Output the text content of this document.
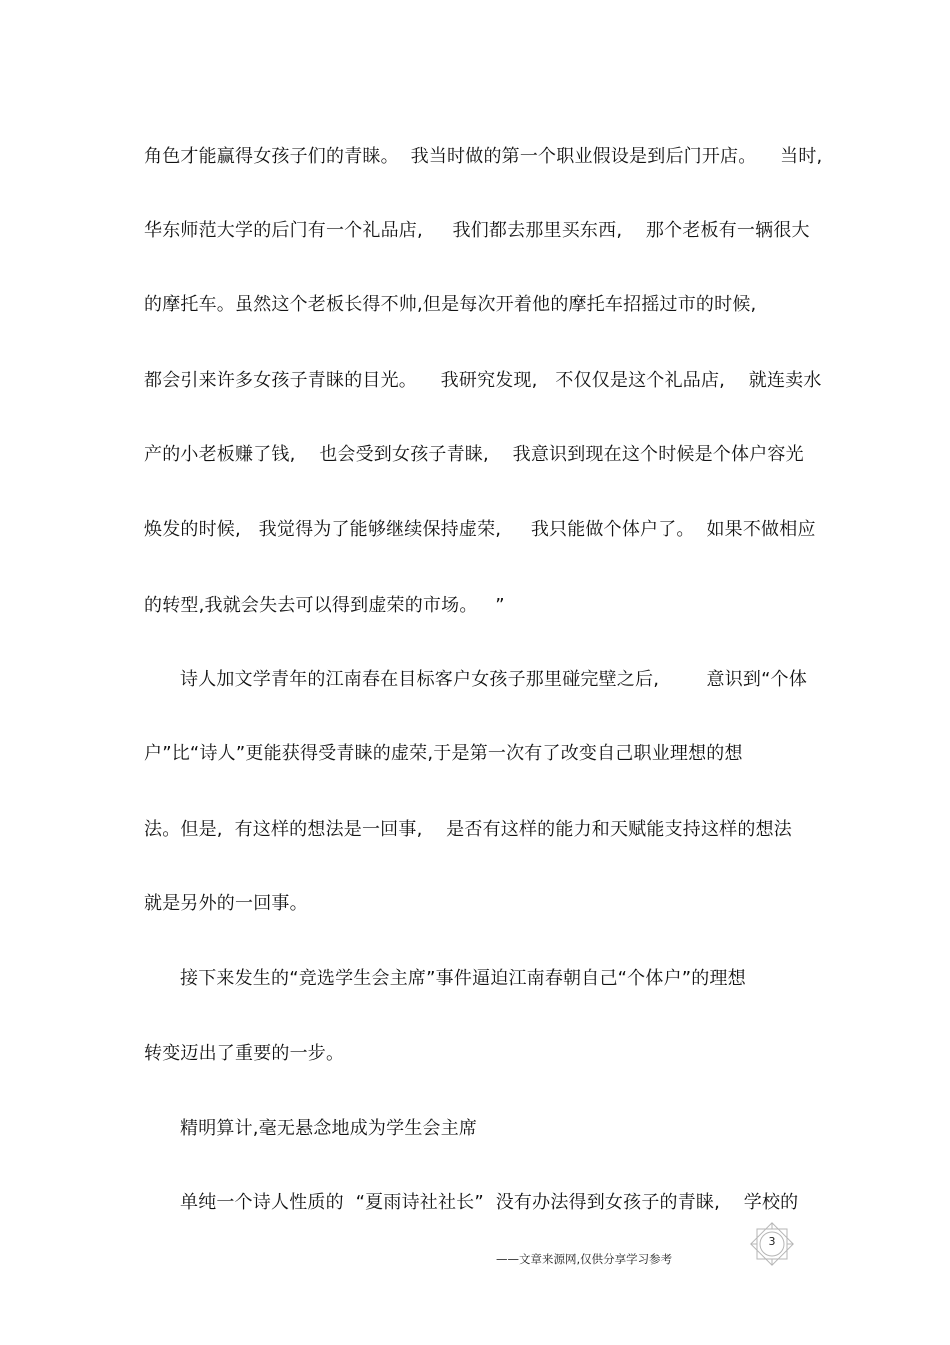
角色才能赢得女孩子们的青睐。  我当时做的第一个职业假设是到后门开店。    当时,
华东师范大学的后门有一个礼品店,     我们都去那里买东西,    那个老板有一辆很大
的摩托车。虽然这个老板长得不帅,但是每次开着他的摩托车招摇过市的时候,
都会引来许多女孩子青睐的目光。    我研究发现,   不仅仅是这个礼品店,    就连卖水
产的小老板赚了钱,    也会受到女孩子青睐,    我意识到现在这个时候是个体户容光
焕发的时候,   我觉得为了能够继续保持虚荣,     我只能做个体户了。  如果不做相应
的转型,我就会失去可以得到虚荣的市场。   ”
诗人加文学青年的江南春在目标客户女孩子那里碰完壁之后,        意识到“个体
户”比“诗人”更能获得受青睐的虚荣,于是第一次有了改变自己职业理想的想
法。但是,  有这样的想法是一回事,    是否有这样的能力和天赋能支持这样的想法
就是另外的一回事。
接下来发生的“竞选学生会主席”事件逼迫江南春朝自己“个体户”的理想
转变迈出了重要的一步。
精明算计,毫无悬念地成为学生会主席
单纯一个诗人性质的  “夏雨诗社社长”  没有办法得到女孩子的青睐,    学校的
——文章来源网,仅供分享学习参考
3
